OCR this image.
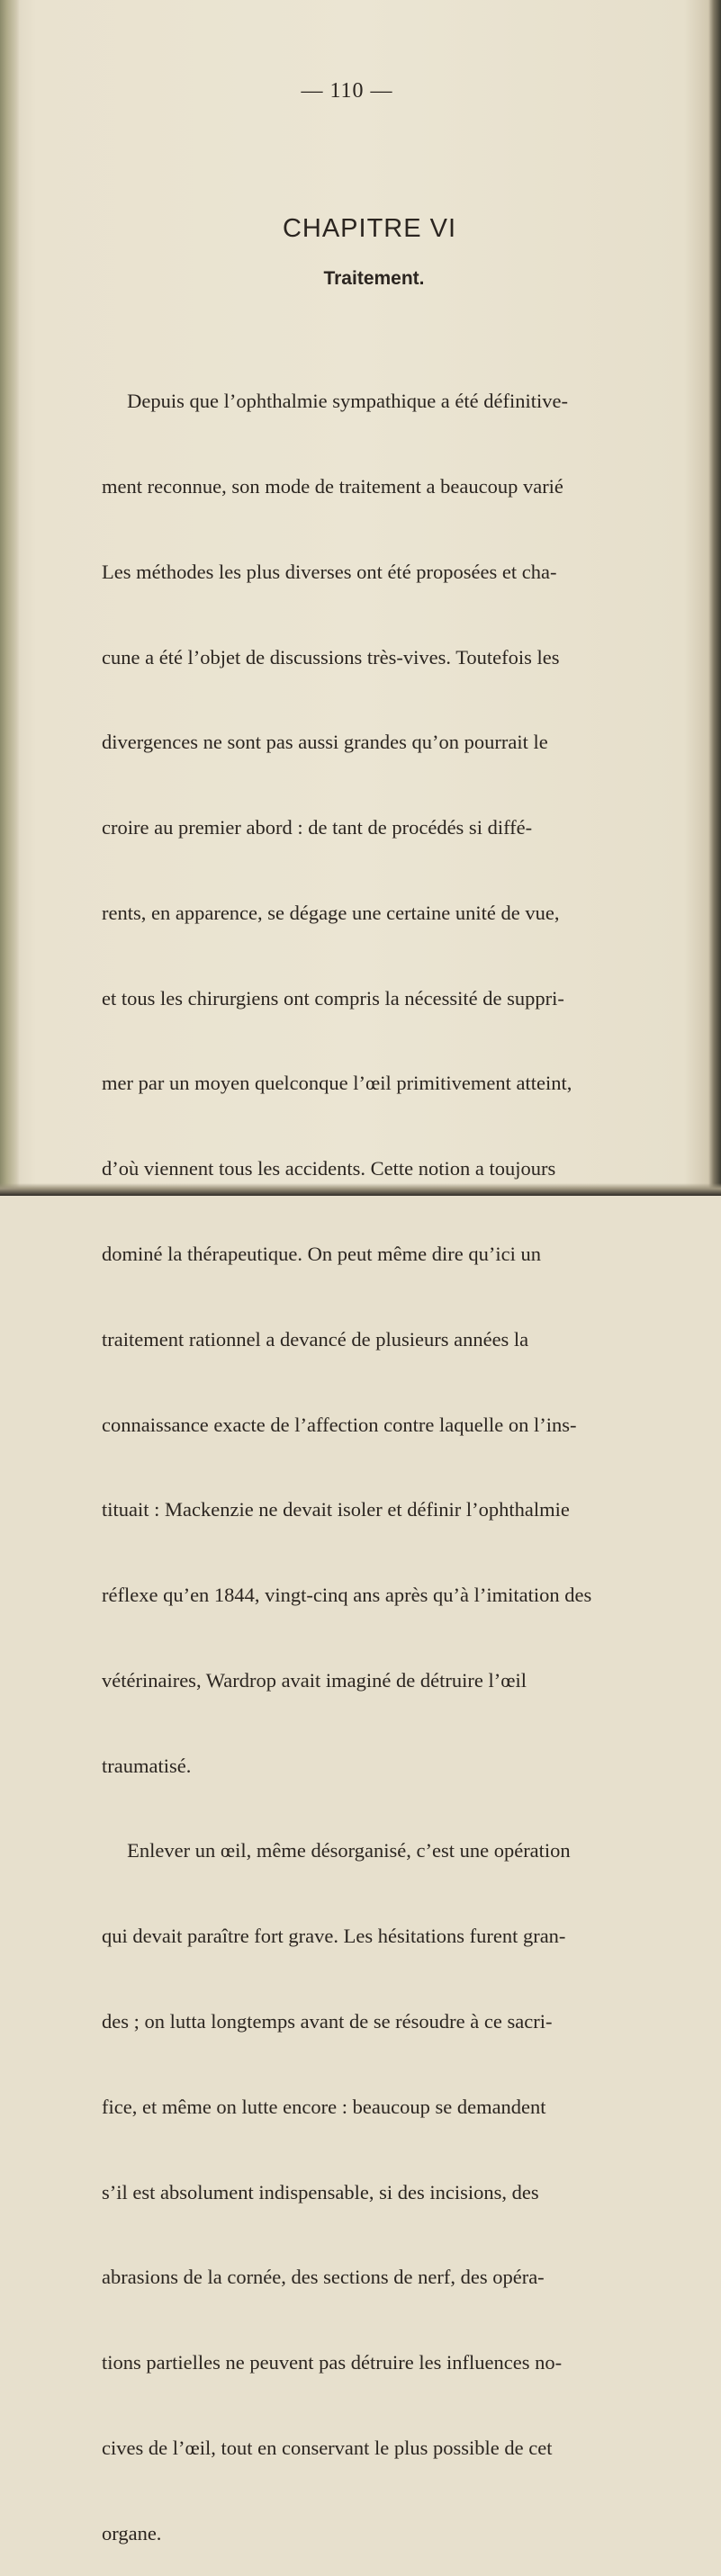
— 110 —
CHAPITRE VI
Traitement.

Depuis que l’ophthalmie sympathique a été définitive-

ment reconnue, son mode de traitement a beaucoup varié

Les méthodes les plus diverses ont été proposées et cha-

cune a été l’objet de discussions très-vives. Toutefois les

divergences ne sont pas aussi grandes qu’on pourrait le

croire au premier abord : de tant de procédés si diffé-

rents, en apparence, se dégage une certaine unité de vue,

et tous les chirurgiens ont compris la nécessité de suppri-

mer par un moyen quelconque l’œil primitivement atteint,

d’où viennent tous les accidents. Cette notion a toujours

dominé la thérapeutique. On peut même dire qu’ici un

traitement rationnel a devancé de plusieurs années la

connaissance exacte de l’affection contre laquelle on l’ins-

tituait : Mackenzie ne devait isoler et définir l’ophthalmie

réflexe qu’en 1844, vingt-cinq ans après qu’à l’imitation des

vétérinaires, Wardrop avait imaginé de détruire l’œil

traumatisé.

Enlever un œil, même désorganisé, c’est une opération

qui devait paraître fort grave. Les hésitations furent gran-

des ; on lutta longtemps avant de se résoudre à ce sacri-

fice, et même on lutte encore : beaucoup se demandent

s’il est absolument indispensable, si des incisions, des

abrasions de la cornée, des sections de nerf, des opéra-

tions partielles ne peuvent pas détruire les influences no-

cives de l’œil, tout en conservant le plus possible de cet

organe.
